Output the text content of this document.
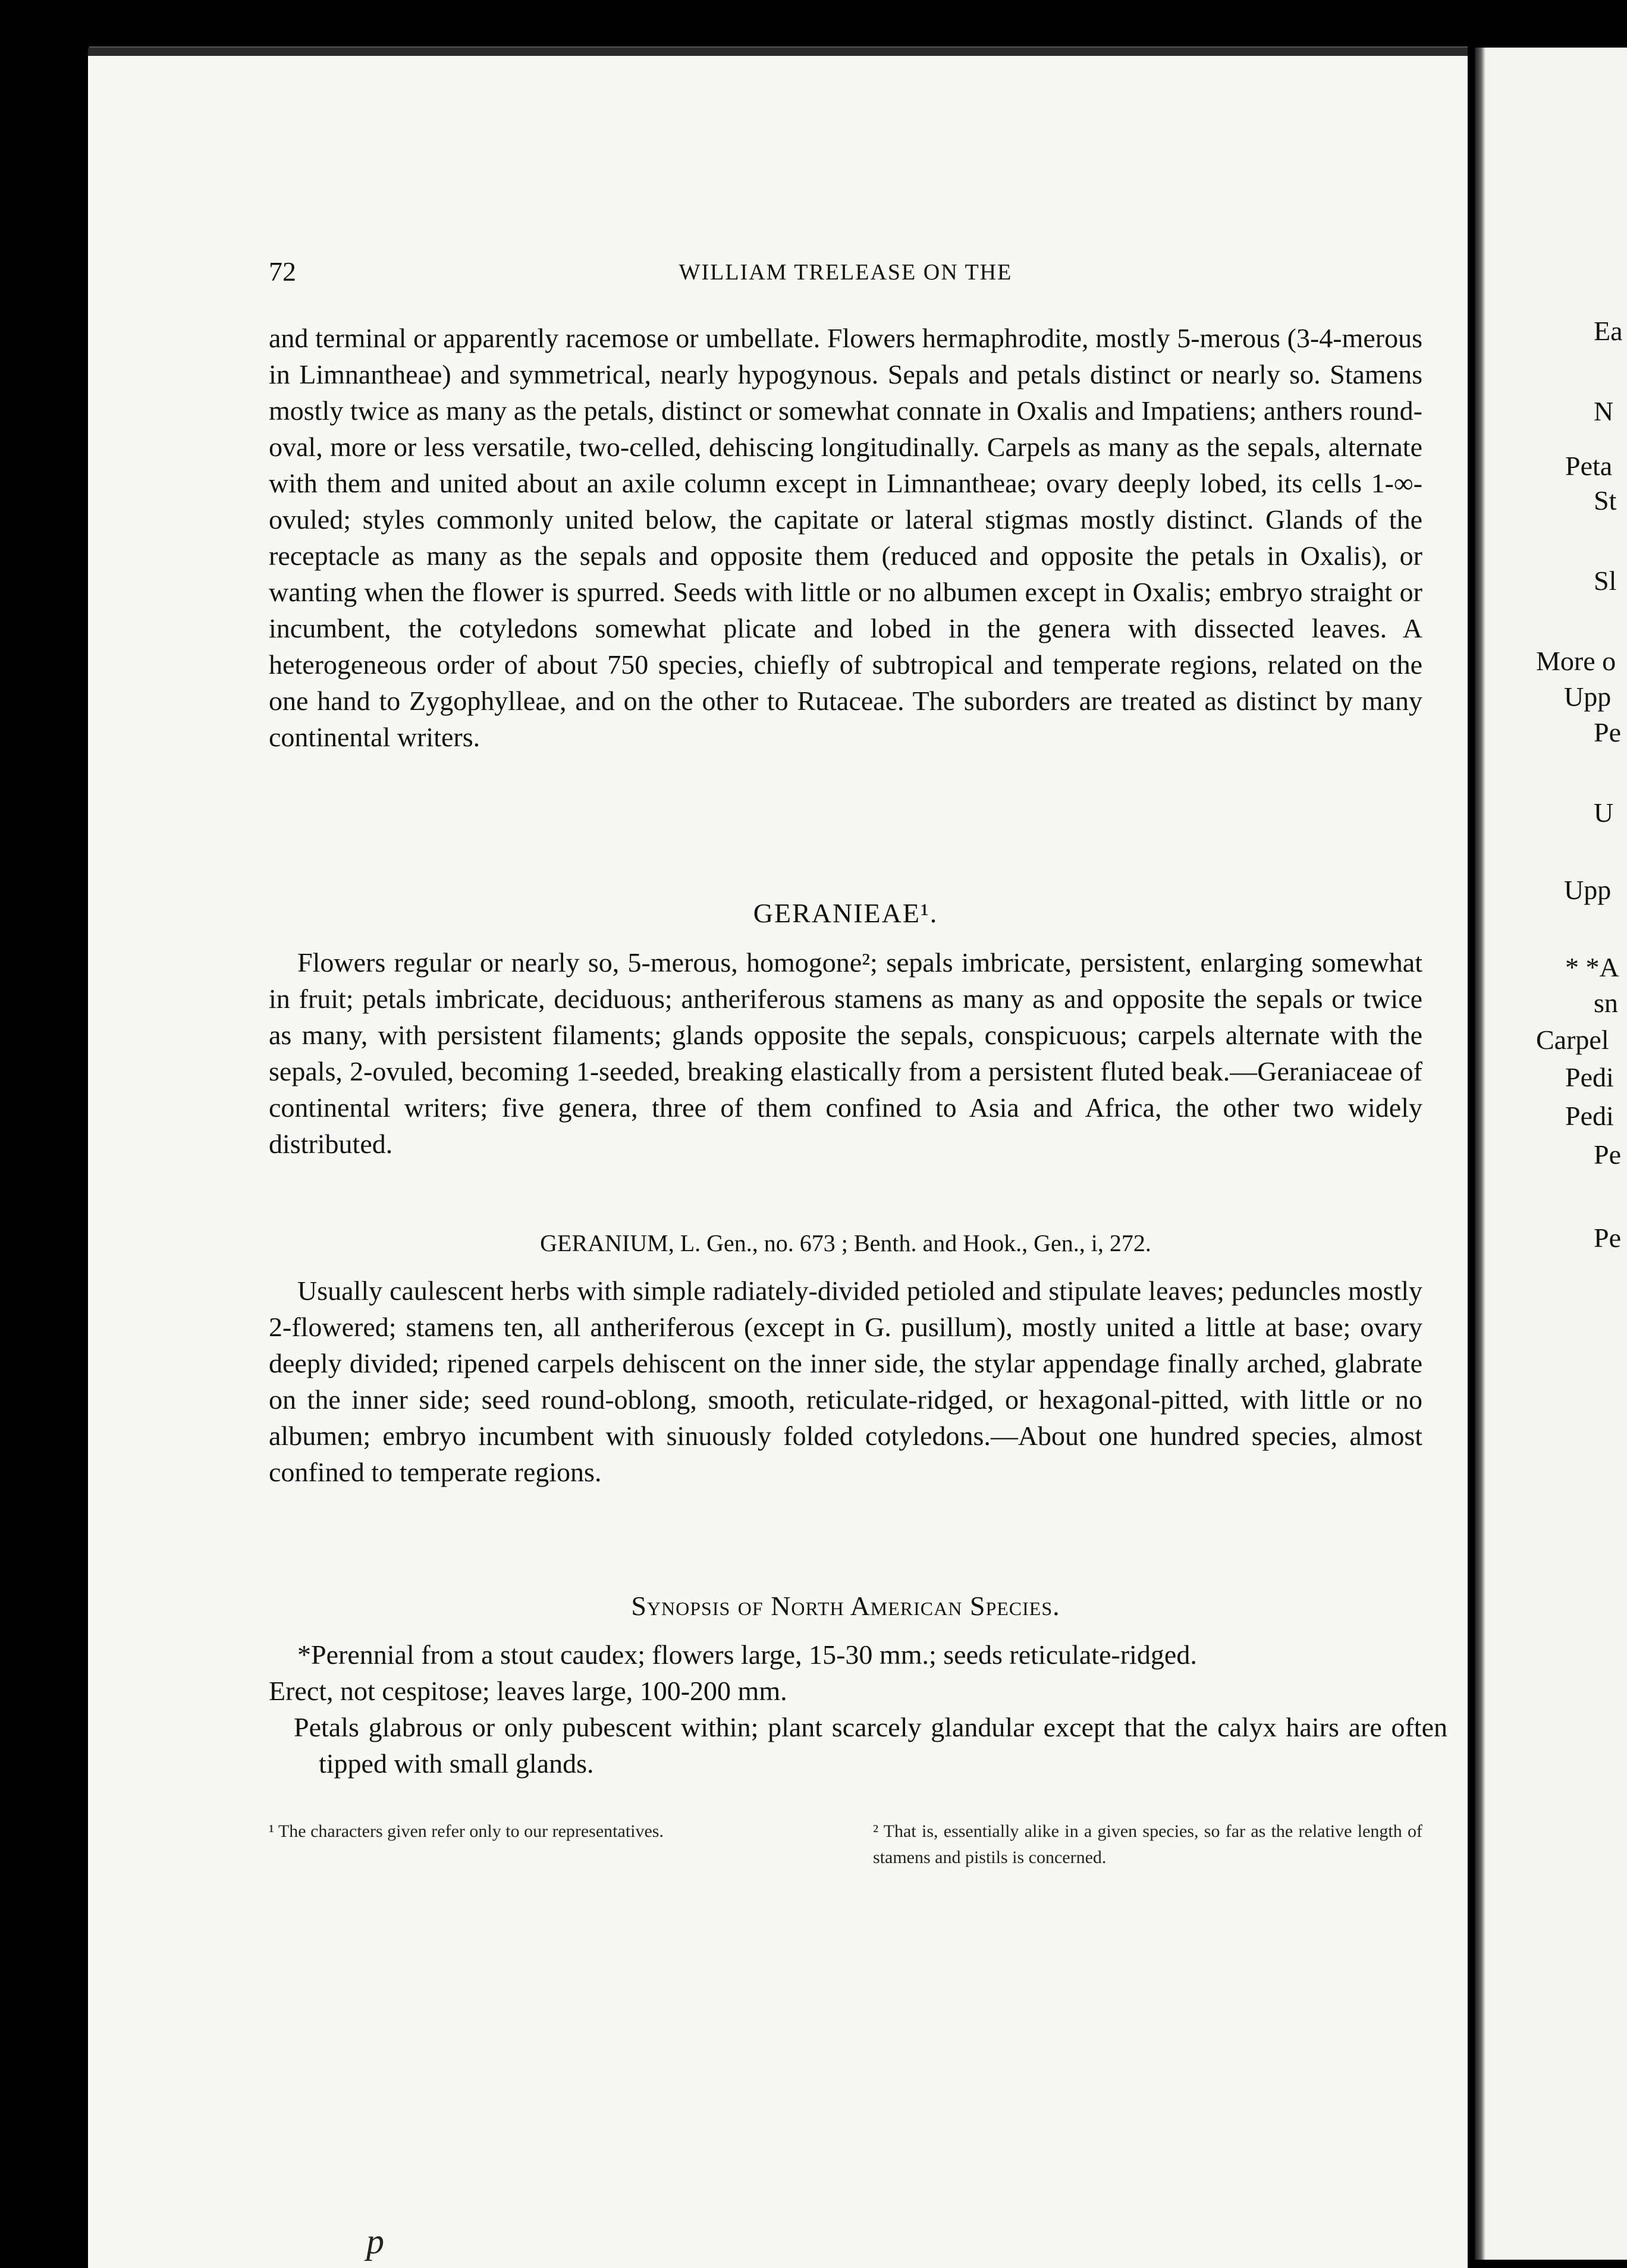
Ea
N
Peta
St
Sl
More o
Upp
Pe
U
Upp
* *A
sn
Carpel
Pedi
Pedi
Pe
Pe
72	WILLIAM TRELEASE ON THE
and terminal or apparently racemose or umbellate. Flowers hermaphrodite, mostly 5-merous (3-4-merous in Limnantheae) and symmetrical, nearly hypogynous. Sepals and petals distinct or nearly so. Stamens mostly twice as many as the petals, distinct or somewhat connate in Oxalis and Impatiens; anthers round-oval, more or less versatile, two-celled, dehiscing longitudinally. Carpels as many as the sepals, alternate with them and united about an axile column except in Limnantheae; ovary deeply lobed, its cells 1-∞-ovuled; styles commonly united below, the capitate or lateral stigmas mostly distinct. Glands of the receptacle as many as the sepals and opposite them (reduced and opposite the petals in Oxalis), or wanting when the flower is spurred. Seeds with little or no albumen except in Oxalis; embryo straight or incumbent, the cotyledons somewhat plicate and lobed in the genera with dissected leaves. A heterogeneous order of about 750 species, chiefly of subtropical and temperate regions, related on the one hand to Zygophylleae, and on the other to Rutaceae. The suborders are treated as distinct by many continental writers.
GERANIEAE¹.
Flowers regular or nearly so, 5-merous, homogone²; sepals imbricate, persistent, enlarging somewhat in fruit; petals imbricate, deciduous; antheriferous stamens as many as and opposite the sepals or twice as many, with persistent filaments; glands opposite the sepals, conspicuous; carpels alternate with the sepals, 2-ovuled, becoming 1-seeded, breaking elastically from a persistent fluted beak.—Geraniaceae of continental writers; five genera, three of them confined to Asia and Africa, the other two widely distributed.
GERANIUM, L. Gen., no. 673 ; Benth. and Hook., Gen., i, 272.
Usually caulescent herbs with simple radiately-divided petioled and stipulate leaves; peduncles mostly 2-flowered; stamens ten, all antheriferous (except in G. pusillum), mostly united a little at base; ovary deeply divided; ripened carpels dehiscent on the inner side, the stylar appendage finally arched, glabrate on the inner side; seed round-oblong, smooth, reticulate-ridged, or hexagonal-pitted, with little or no albumen; embryo incumbent with sinuously folded cotyledons.—About one hundred species, almost confined to temperate regions.
Synopsis of North American Species.
*Perennial from a stout caudex; flowers large, 15-30 mm.; seeds reticulate-ridged.
Erect, not cespitose; leaves large, 100-200 mm.
Petals glabrous or only pubescent within; plant scarcely glandular except that the calyx hairs are often tipped with small glands.
¹ The characters given refer only to our representatives.	² That is, essentially alike in a given species, so far as the relative length of stamens and pistils is concerned.
p
